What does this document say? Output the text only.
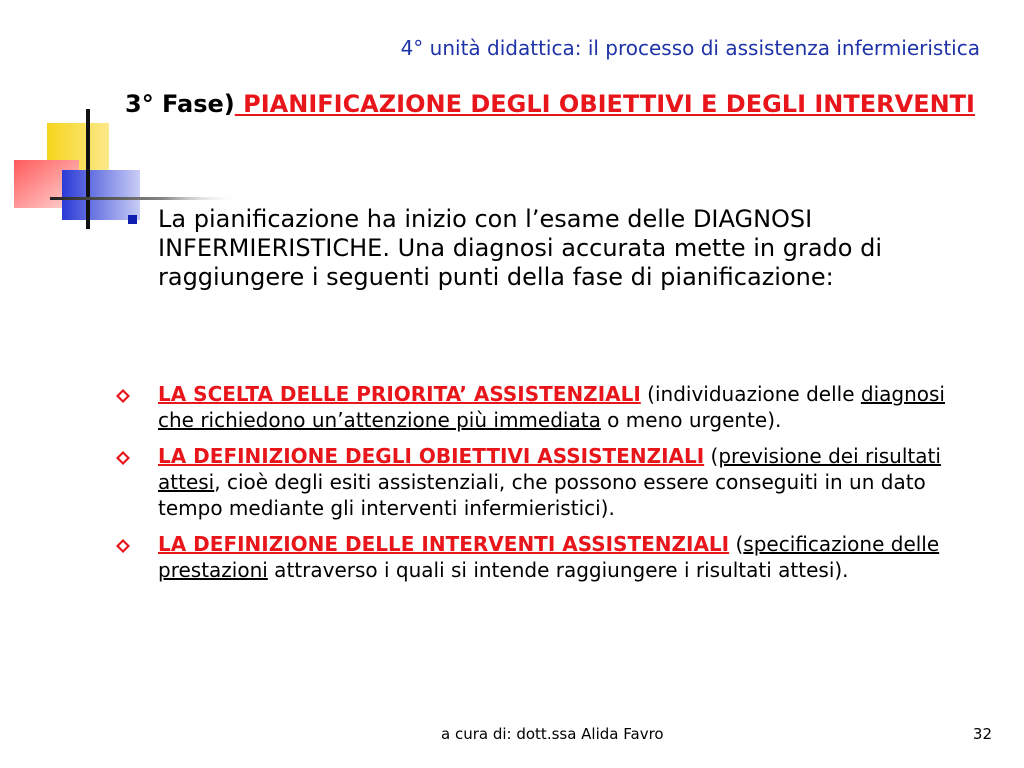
4° unità didattica: il processo di assistenza infermieristica
3° Fase) PIANIFICAZIONE DEGLI OBIETTIVI E DEGLI INTERVENTI
La pianificazione ha inizio con l’esame delle DIAGNOSI INFERMIERISTICHE. Una diagnosi accurata mette in grado di raggiungere i seguenti punti della fase di pianificazione:
LA SCELTA DELLE PRIORITA’ ASSISTENZIALI (individuazione delle diagnosi che richiedono un’attenzione più immediata o meno urgente).
LA DEFINIZIONE DEGLI OBIETTIVI ASSISTENZIALI (previsione dei risultati attesi, cioè degli esiti assistenziali, che possono essere conseguiti in un dato tempo mediante gli interventi infermieristici).
LA DEFINIZIONE DELLE INTERVENTI ASSISTENZIALI (specificazione delle prestazioni attraverso i quali si intende raggiungere i risultati attesi).
a cura di: dott.ssa Alida Favro	32
